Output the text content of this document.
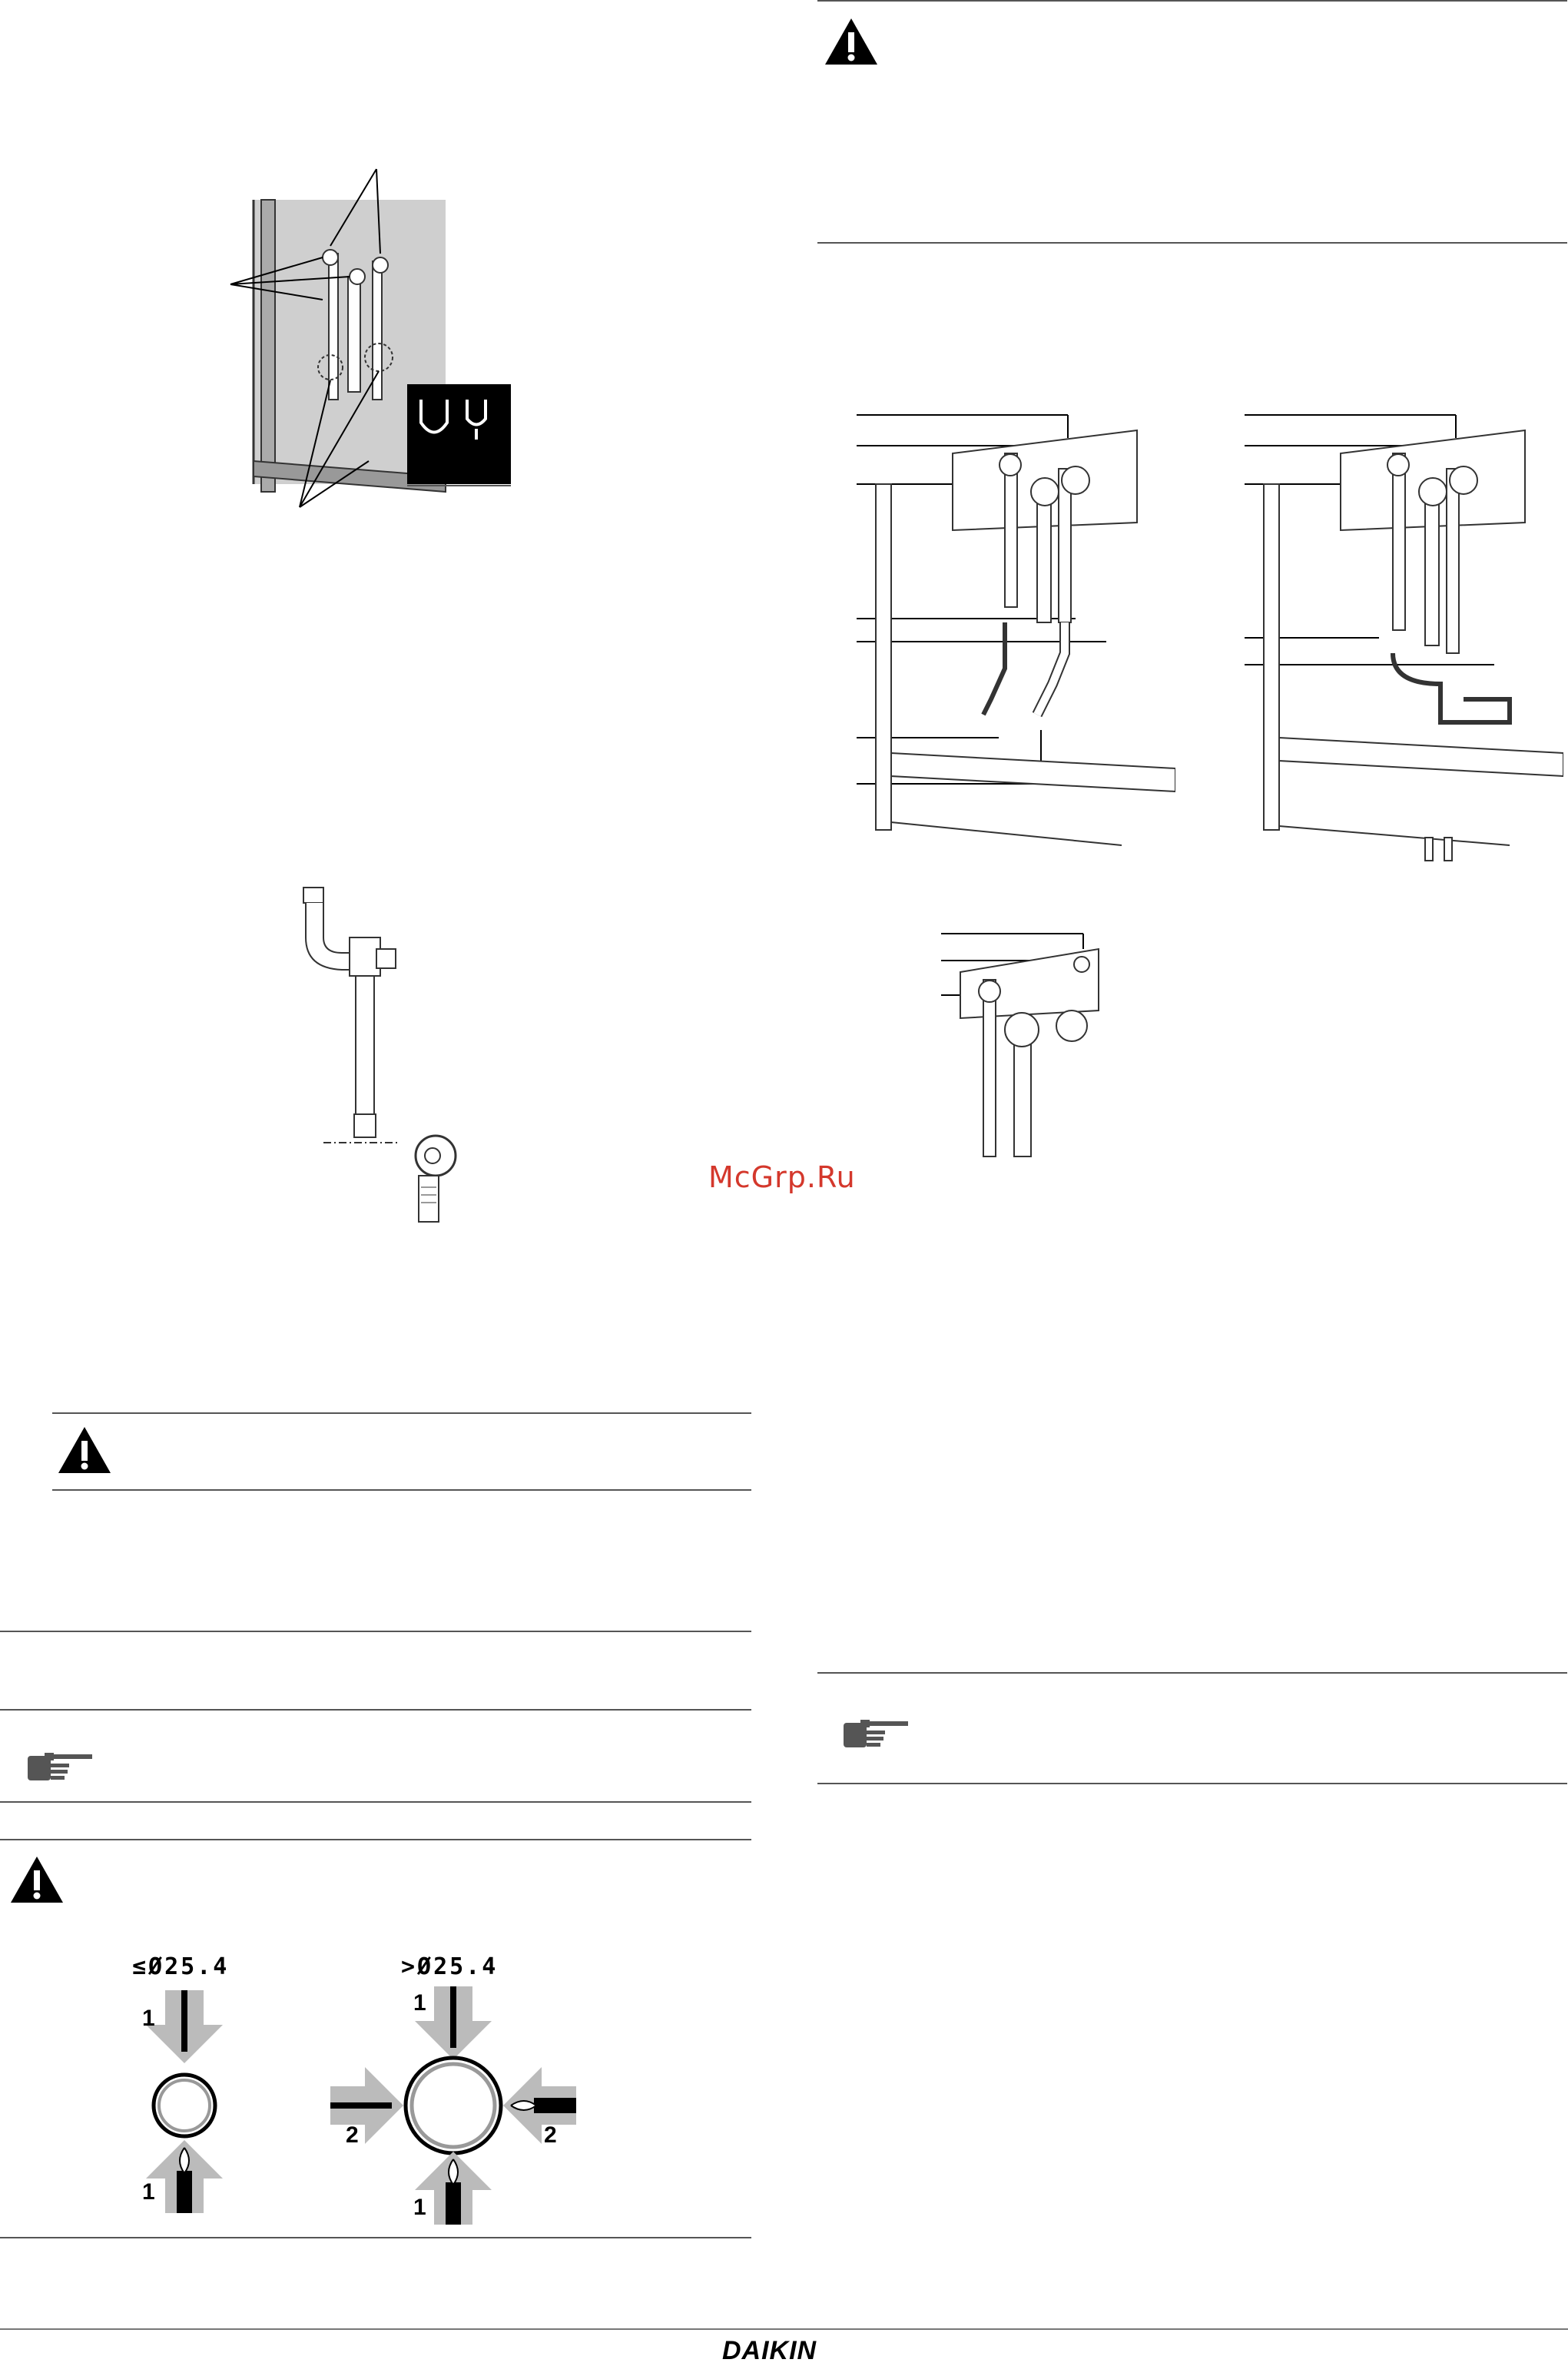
McGrp.Ru
≤Ø25.4	>Ø25.4
1
1
1
2	2
1
DAIKIN
